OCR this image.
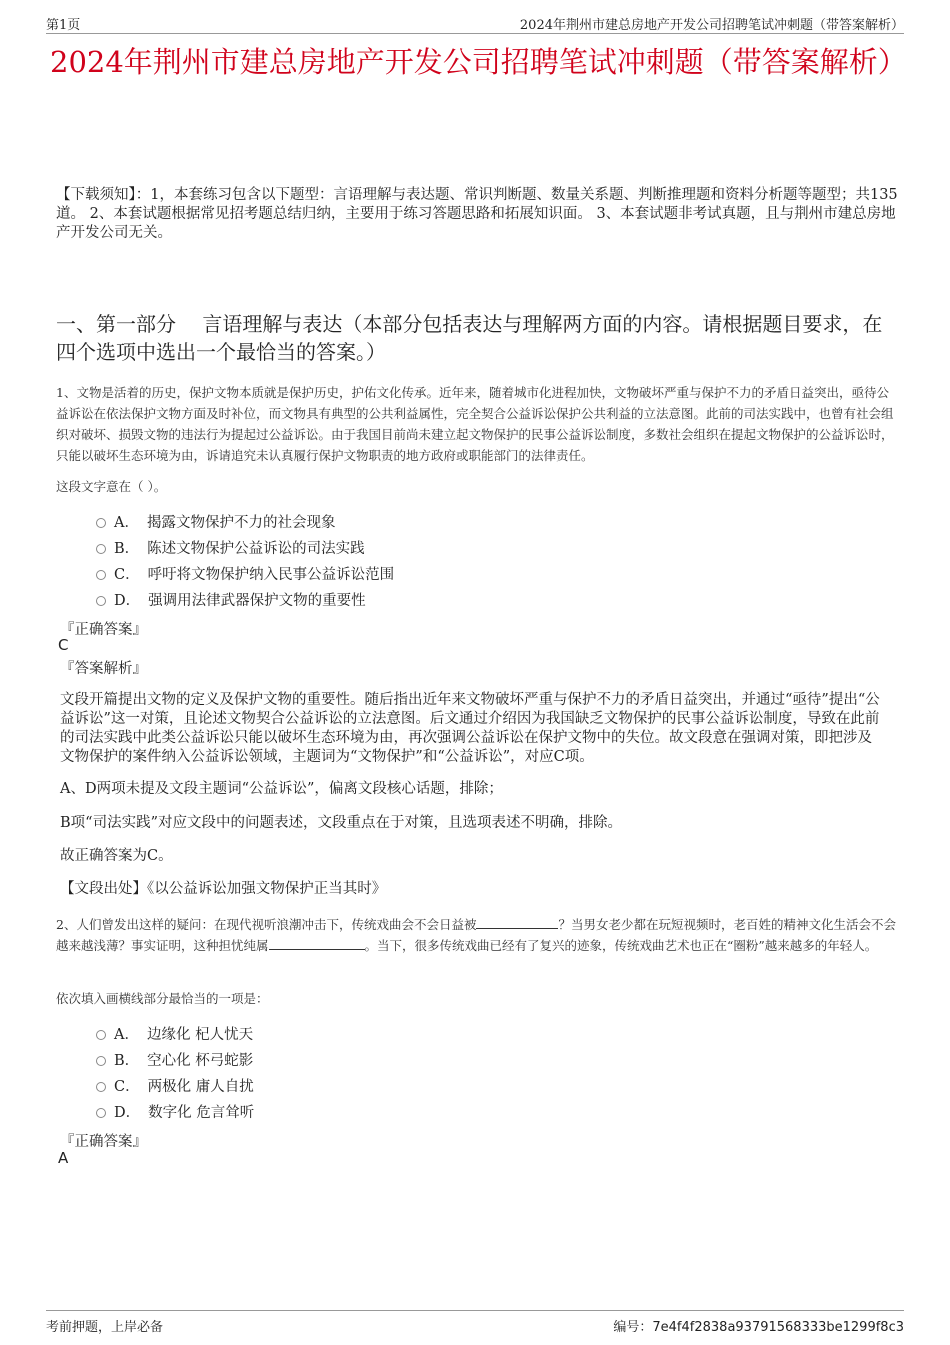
第1页	2024年荆州市建总房地产开发公司招聘笔试冲刺题（带答案解析）
2024年荆州市建总房地产开发公司招聘笔试冲刺题（带答案解析）

【下载须知】：1，本套练习包含以下题型：言语理解与表达题、常识判断题、数量关系题、判断推理题和资料分析题等题型；共135道。 2、本套试题根据常见招考题总结归纳，主要用于练习答题思路和拓展知识面。 3、本套试题非考试真题，且与荆州市建总房地产开发公司无关。

一、第一部分　 言语理解与表达（本部分包括表达与理解两方面的内容。请根据题目要求，在四个选项中选出一个最恰当的答案。）

1、文物是活着的历史，保护文物本质就是保护历史，护佑文化传承。近年来，随着城市化进程加快，文物破坏严重与保护不力的矛盾日益突出，亟待公益诉讼在依法保护文物方面及时补位，而文物具有典型的公共利益属性，完全契合公益诉讼保护公共利益的立法意图。此前的司法实践中，也曾有社会组织对破坏、损毁文物的违法行为提起过公益诉讼。由于我国目前尚未建立起文物保护的民事公益诉讼制度，多数社会组织在提起文物保护的公益诉讼时，只能以破坏生态环境为由，诉请追究未认真履行保护文物职责的地方政府或职能部门的法律责任。

这段文字意在（ ）。

A． 揭露文物保护不力的社会现象
B． 陈述文物保护公益诉讼的司法实践
C． 呼吁将文物保护纳入民事公益诉讼范围
D． 强调用法律武器保护文物的重要性

『正确答案』

C

『答案解析』

文段开篇提出文物的定义及保护文物的重要性。随后指出近年来文物破坏严重与保护不力的矛盾日益突出，并通过“亟待”提出“公益诉讼”这一对策，且论述文物契合公益诉讼的立法意图。后文通过介绍因为我国缺乏文物保护的民事公益诉讼制度，导致在此前的司法实践中此类公益诉讼只能以破坏生态环境为由，再次强调公益诉讼在保护文物中的失位。故文段意在强调对策，即把涉及文物保护的案件纳入公益诉讼领域，主题词为“文物保护”和“公益诉讼”，对应C项。

A、D两项未提及文段主题词“公益诉讼”，偏离文段核心话题，排除；

B项“司法实践”对应文段中的问题表述，文段重点在于对策，且选项表述不明确，排除。

故正确答案为C。

【文段出处】《以公益诉讼加强文物保护正当其时》

2、人们曾发出这样的疑问：在现代视听浪潮冲击下，传统戏曲会不会日益被	？当男女老少都在玩短视频时，老百姓的精神文化生活会不会越来越浅薄？事实证明，这种担忧纯属	。当下，很多传统戏曲已经有了复兴的迹象，传统戏曲艺术也正在“圈粉”越来越多的年轻人。

依次填入画横线部分最恰当的一项是：

A． 边缘化 杞人忧天
B． 空心化 杯弓蛇影
C． 两极化 庸人自扰
D． 数字化 危言耸听

『正确答案』

A

考前押题，上岸必备	编号：7e4f4f2838a93791568333be1299f8c3
